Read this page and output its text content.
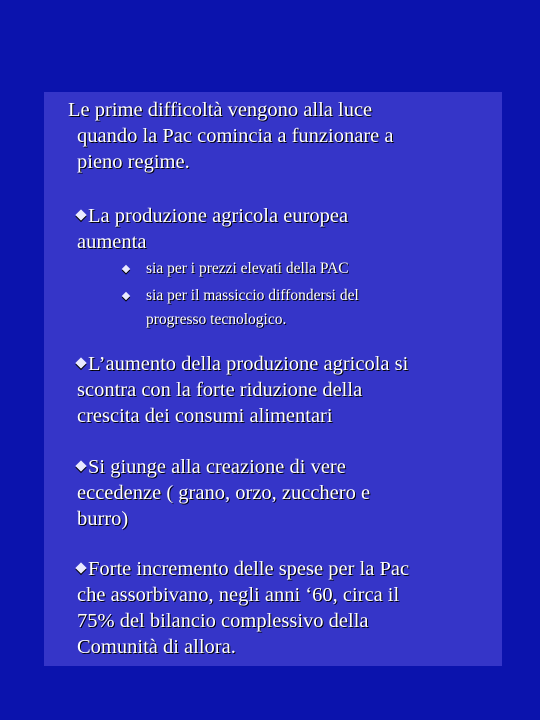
Le prime difficoltà vengono alla luce

quando la Pac comincia a funzionare a

pieno regime.

La produzione agricola europea

aumenta

sia per i prezzi elevati della PAC

sia per il massiccio diffondersi del

progresso tecnologico.

L’aumento della produzione agricola si

scontra con la forte riduzione della

crescita dei consumi alimentari

Si giunge alla creazione di vere

eccedenze ( grano, orzo, zucchero e

burro)

Forte incremento delle spese per la Pac

che assorbivano, negli anni ‘60, circa il

75% del bilancio complessivo della

Comunità di allora.
